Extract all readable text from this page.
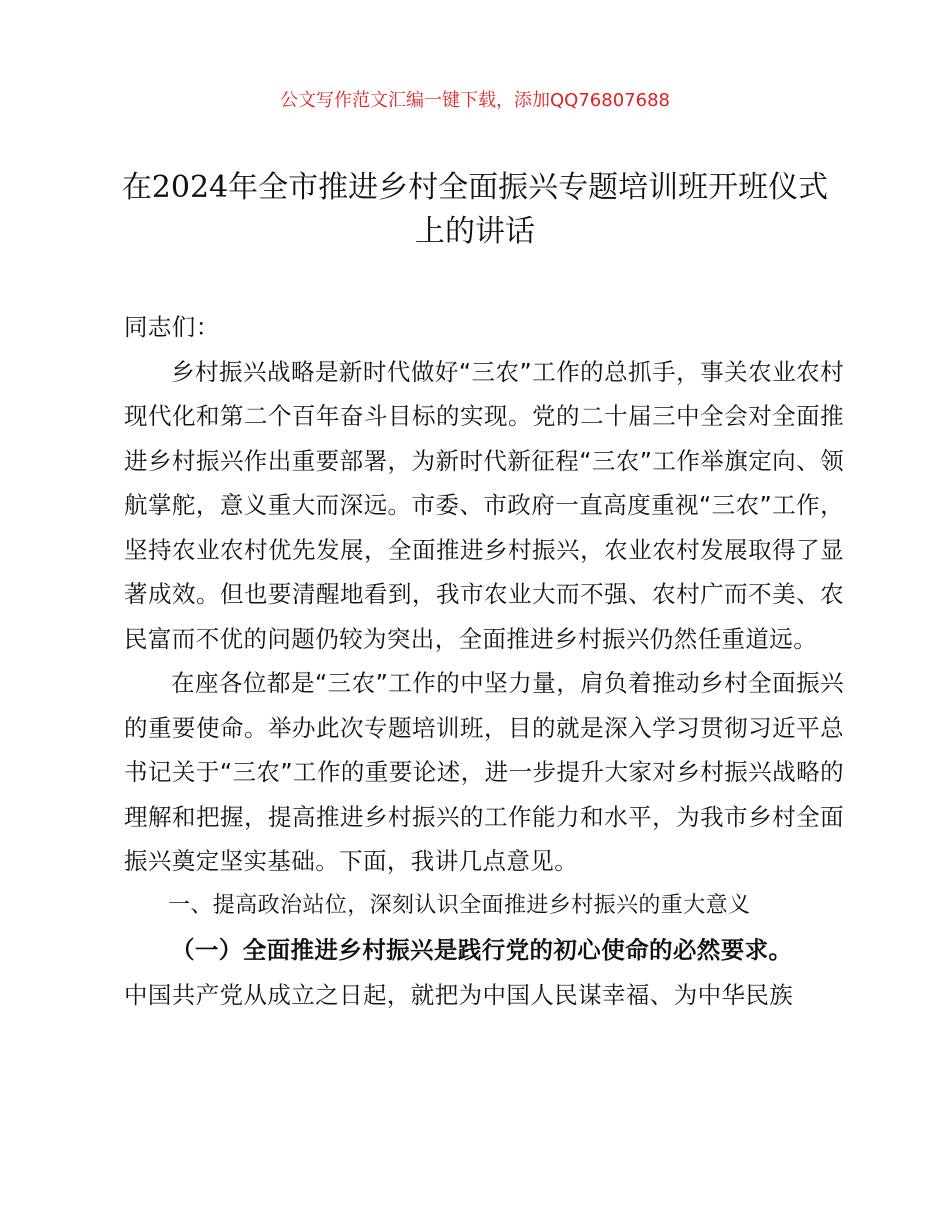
公文写作范文汇编一键下载，添加QQ76807688
在2024年全市推进乡村全面振兴专题培训班开班仪式上的讲话

同志们：

乡村振兴战略是新时代做好“三农”工作的总抓手，事关农业农村现代化和第二个百年奋斗目标的实现。党的二十届三中全会对全面推进乡村振兴作出重要部署，为新时代新征程“三农”工作举旗定向、领航掌舵，意义重大而深远。市委、市政府一直高度重视“三农”工作，坚持农业农村优先发展，全面推进乡村振兴，农业农村发展取得了显著成效。但也要清醒地看到，我市农业大而不强、农村广而不美、农民富而不优的问题仍较为突出，全面推进乡村振兴仍然任重道远。

在座各位都是“三农”工作的中坚力量，肩负着推动乡村全面振兴的重要使命。举办此次专题培训班，目的就是深入学习贯彻习近平总书记关于“三农”工作的重要论述，进一步提升大家对乡村振兴战略的理解和把握，提高推进乡村振兴的工作能力和水平，为我市乡村全面振兴奠定坚实基础。下面，我讲几点意见。

一、提高政治站位，深刻认识全面推进乡村振兴的重大意义

（一）全面推进乡村振兴是践行党的初心使命的必然要求。

中国共产党从成立之日起，就把为中国人民谋幸福、为中华民族
